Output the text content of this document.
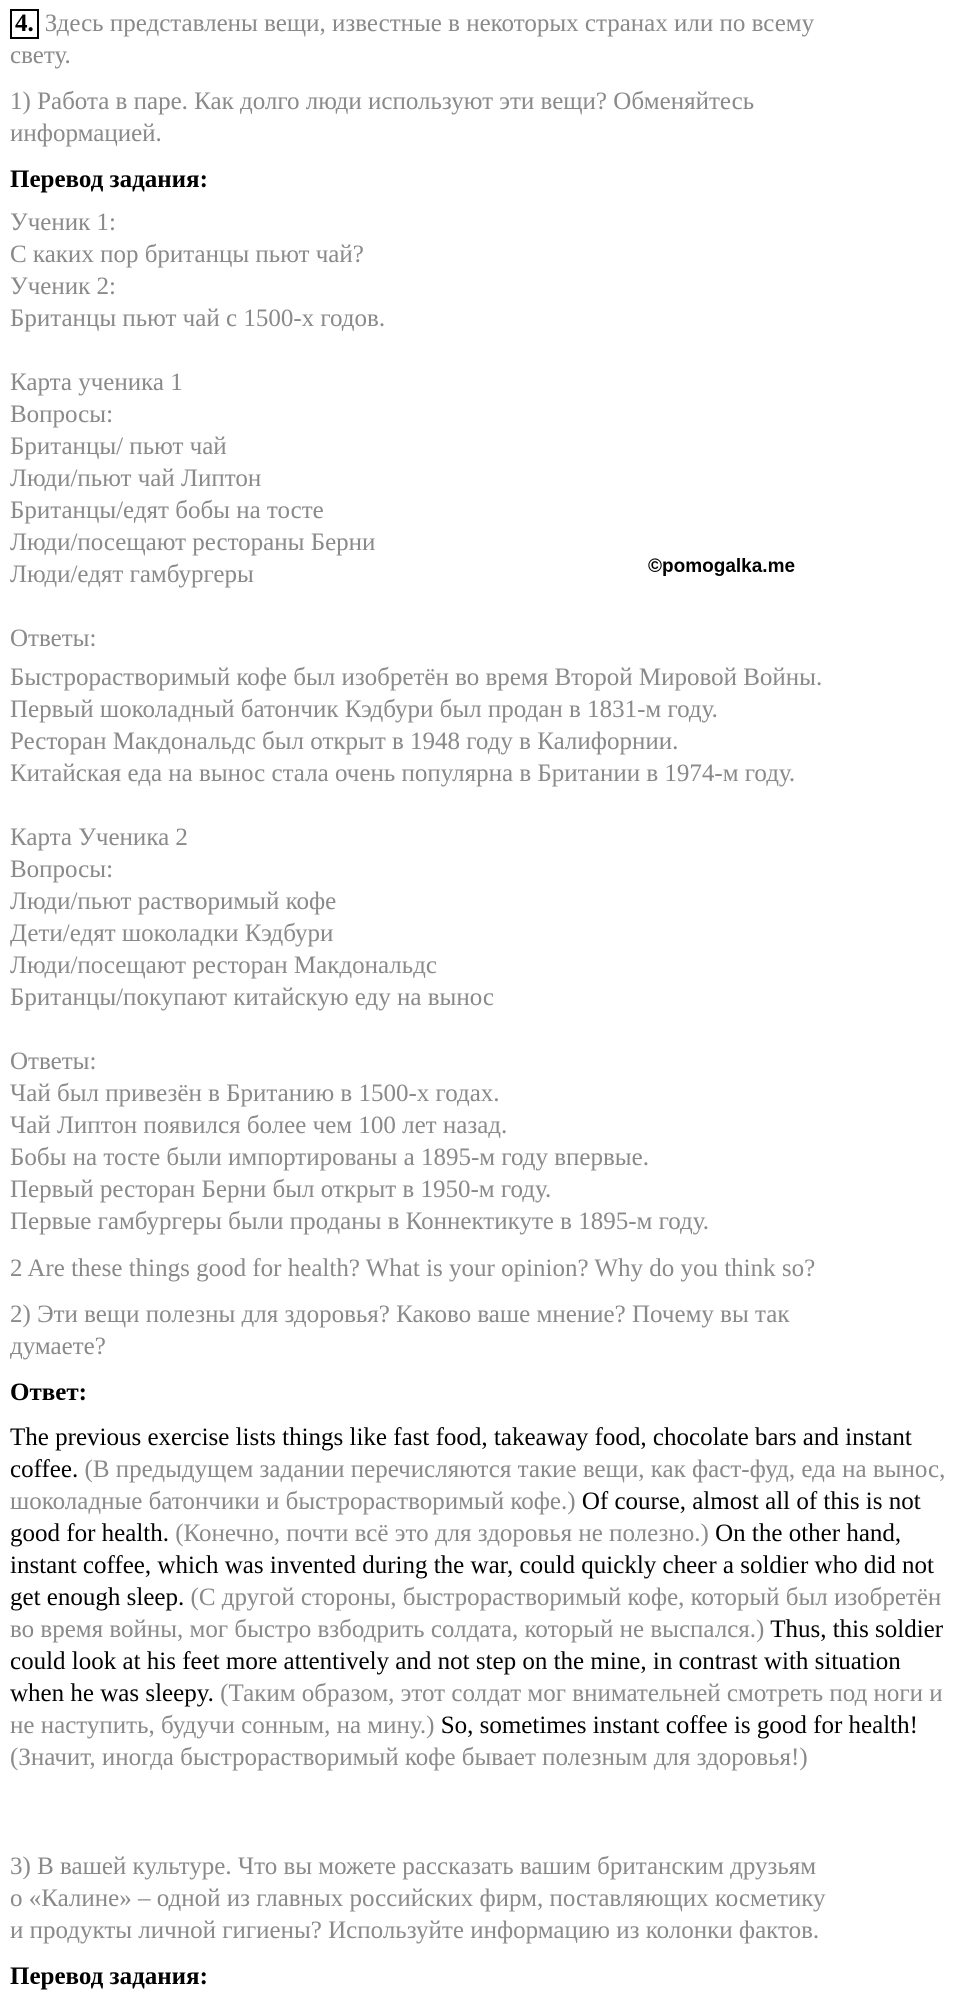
4. Здесь представлены вещи, известные в некоторых странах или по всему
свету.
1) Работа в паре. Как долго люди используют эти вещи? Обменяйтесь
информацией.
Перевод задания:
Ученик 1:
С каких пор британцы пьют чай?
Ученик 2:
Британцы пьют чай с 1500-х годов.
Карта ученика 1
Вопросы:
Британцы/ пьют чай
Люди/пьют чай Липтон
Британцы/едят бобы на тосте
Люди/посещают рестораны Берни
Люди/едят гамбургеры	©pomogalka.me
Ответы:
Быстрорастворимый кофе был изобретён во время Второй Мировой Войны.
Первый шоколадный батончик Кэдбури был продан в 1831-м году.
Ресторан Макдональдс был открыт в 1948 году в Калифорнии.
Китайская еда на вынос стала очень популярна в Британии в 1974-м году.
Карта Ученика 2
Вопросы:
Люди/пьют растворимый кофе
Дети/едят шоколадки Кэдбури
Люди/посещают ресторан Макдональдс
Британцы/покупают китайскую еду на вынос
Ответы:
Чай был привезён в Британию в 1500-х годах.
Чай Липтон появился более чем 100 лет назад.
Бобы на тосте были импортированы а 1895-м году впервые.
Первый ресторан Берни был открыт в 1950-м году.
Первые гамбургеры были проданы в Коннектикуте в 1895-м году.
2 Are these things good for health? What is your opinion? Why do you think so?
2) Эти вещи полезны для здоровья? Каково ваше мнение? Почему вы так
думаете?
Ответ:
The previous exercise lists things like fast food, takeaway food, chocolate bars and instant coffee. (В предыдущем задании перечисляются такие вещи, как фаст-фуд, еда на вынос, шоколадные батончики и быстрорастворимый кофе.) Of course, almost all of this is not good for health. (Конечно, почти всё это для здоровья не полезно.) On the other hand, instant coffee, which was invented during the war, could quickly cheer a soldier who did not get enough sleep. (С другой стороны, быстрорастворимый кофе, который был изобретён во время войны, мог быстро взбодрить солдата, который не выспался.) Thus, this soldier could look at his feet more attentively and not step on the mine, in contrast with situation when he was sleepy. (Таким образом, этот солдат мог внимательней смотреть под ноги и не наступить, будучи сонным, на мину.) So, sometimes instant coffee is good for health! (Значит, иногда быстрорастворимый кофе бывает полезным для здоровья!)
3) В вашей культуре. Что вы можете рассказать вашим британским друзьям
о «Калине» – одной из главных российских фирм, поставляющих косметику
и продукты личной гигиены? Используйте информацию из колонки фактов.
Перевод задания:
